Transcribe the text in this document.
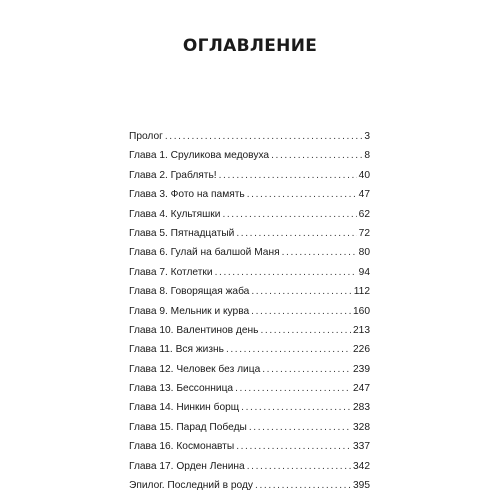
ОГЛАВЛЕНИЕ
Пролог .....	3
Глава 1. Сруликова медовуха .....	8
Глава 2. Граблять! .....	40
Глава 3. Фото на память .....	47
Глава 4. Культяшки .....	62
Глава 5. Пятнадцатый .....	72
Глава 6. Гулай на балшой Маня .....	80
Глава 7. Котлетки .....	94
Глава 8. Говорящая жаба .....	112
Глава 9. Мельник и курва .....	160
Глава 10. Валентинов день .....	213
Глава 11. Вся жизнь .....	226
Глава 12. Человек без лица .....	239
Глава 13. Бессонница .....	247
Глава 14. Нинкин борщ .....	283
Глава 15. Парад Победы .....	328
Глава 16. Космонавты .....	337
Глава 17. Орден Ленина .....	342
Эпилог. Последний в роду .....	395
